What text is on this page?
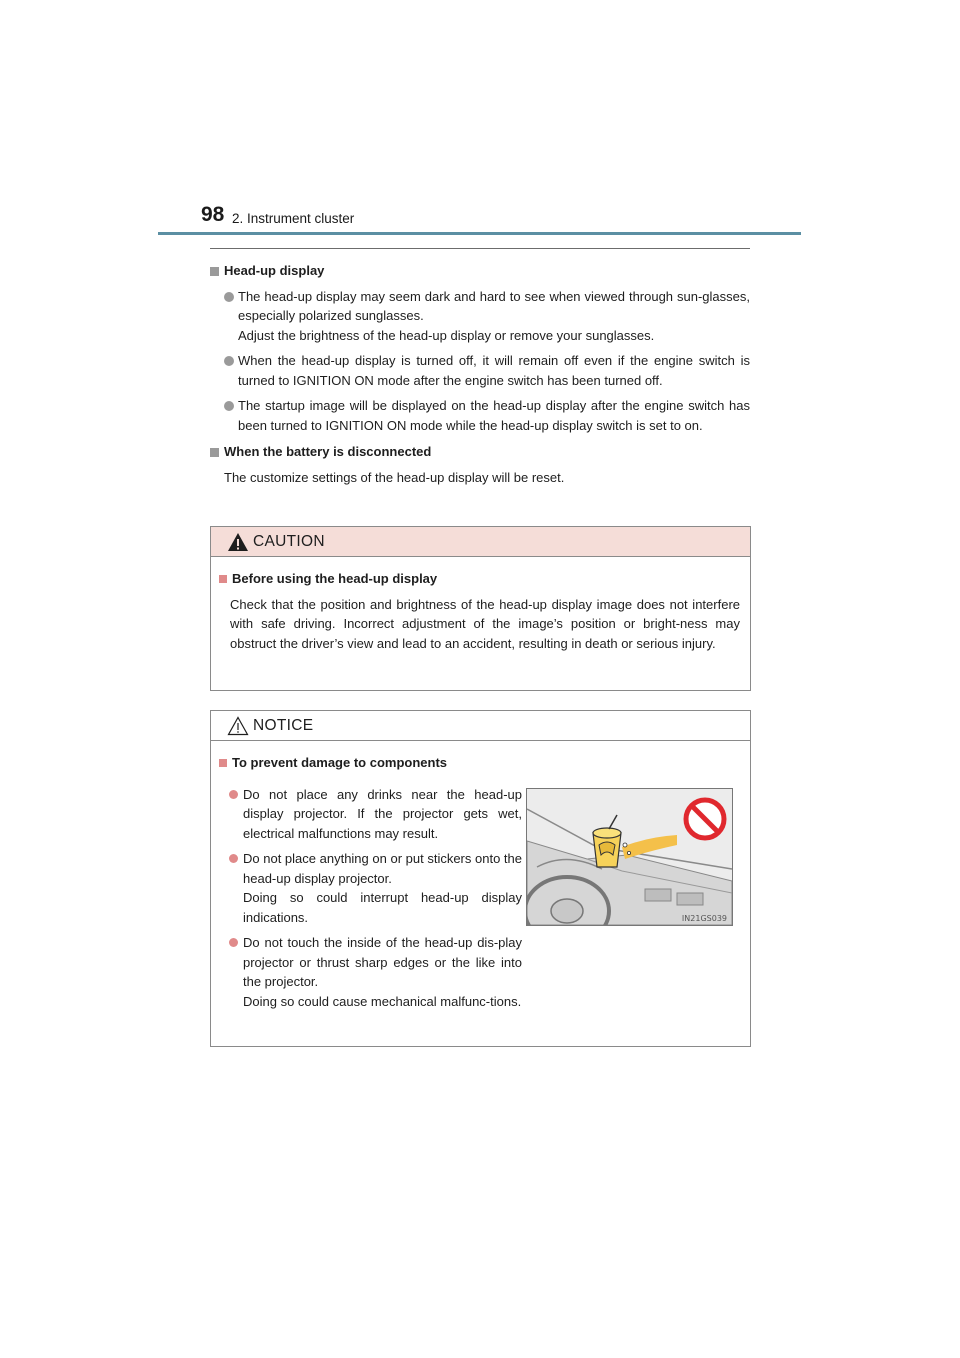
98 2. Instrument cluster
Head-up display
The head-up display may seem dark and hard to see when viewed through sun-glasses, especially polarized sunglasses.
Adjust the brightness of the head-up display or remove your sunglasses.
When the head-up display is turned off, it will remain off even if the engine switch is turned to IGNITION ON mode after the engine switch has been turned off.
The startup image will be displayed on the head-up display after the engine switch has been turned to IGNITION ON mode while the head-up display switch is set to on.
When the battery is disconnected
The customize settings of the head-up display will be reset.
CAUTION
Before using the head-up display
Check that the position and brightness of the head-up display image does not interfere with safe driving. Incorrect adjustment of the image’s position or bright-ness may obstruct the driver’s view and lead to an accident, resulting in death or serious injury.
NOTICE
To prevent damage to components
Do not place any drinks near the head-up display projector. If the projector gets wet, electrical malfunctions may result.
Do not place anything on or put stickers onto the head-up display projector.
Doing so could interrupt head-up display indications.
Do not touch the inside of the head-up dis-play projector or thrust sharp edges or the like into the projector.
Doing so could cause mechanical malfunc-tions.
IN21GS039
